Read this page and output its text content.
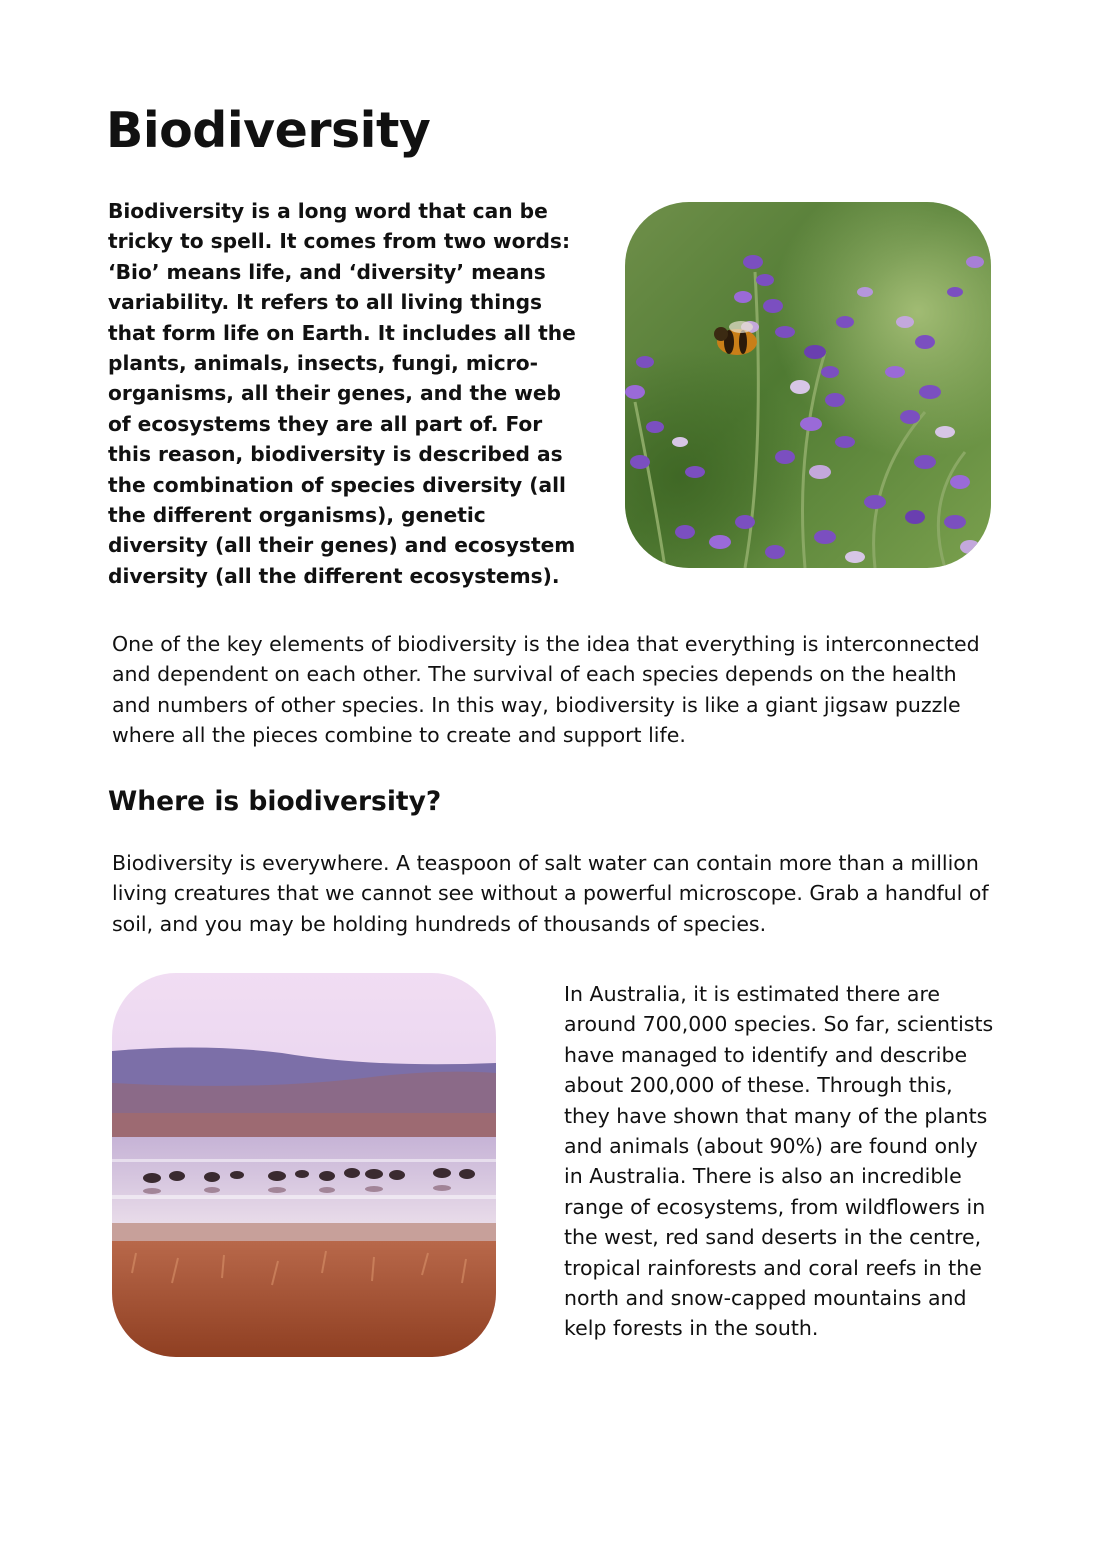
Biodiversity

Biodiversity is a long word that can be tricky to spell. It comes from two words: ‘Bio’ means life, and ‘diversity’ means variability. It refers to all living things that form life on Earth. It includes all the plants, animals, insects, fungi, micro-organisms, all their genes, and the web of ecosystems they are all part of. For this reason, biodiversity is described as the combination of species diversity (all the different organisms), genetic diversity (all their genes) and ecosystem diversity (all the different ecosystems).

One of the key elements of biodiversity is the idea that everything is interconnected and dependent on each other. The survival of each species depends on the health and numbers of other species. In this way, biodiversity is like a giant jigsaw puzzle where all the pieces combine to create and support life.

Where is biodiversity?

Biodiversity is everywhere. A teaspoon of salt water can contain more than a million living creatures that we cannot see without a powerful microscope. Grab a handful of soil, and you may be holding hundreds of thousands of species.

In Australia, it is estimated there are around 700,000 species. So far, scientists have managed to identify and describe about 200,000 of these. Through this, they have shown that many of the plants and animals (about 90%) are found only in Australia. There is also an incredible range of ecosystems, from wildflowers in the west, red sand deserts in the centre, tropical rainforests and coral reefs in the north and snow-capped mountains and kelp forests in the south.
